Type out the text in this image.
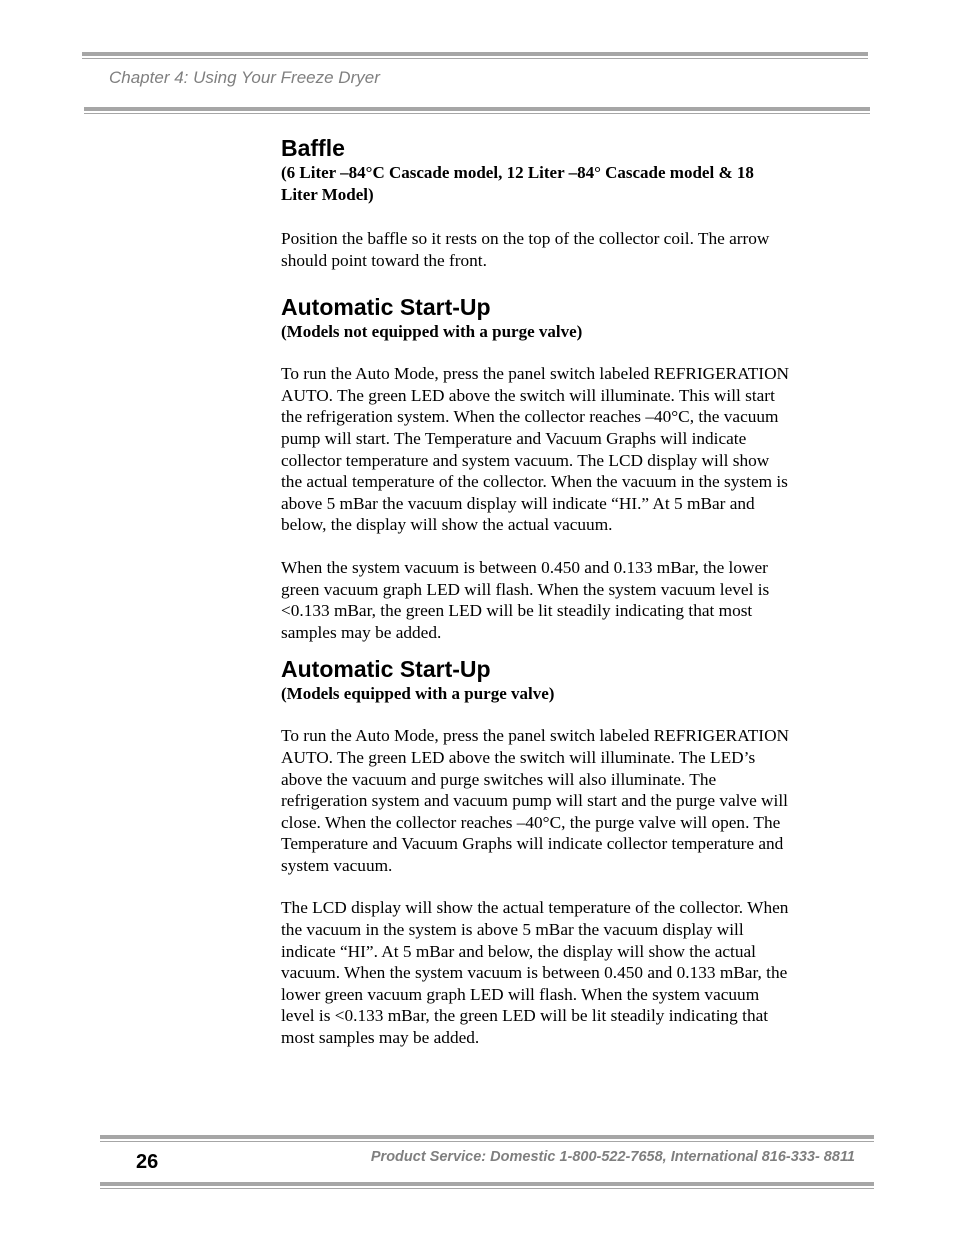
Chapter 4: Using Your Freeze Dryer
Baffle

(6 Liter –84°C Cascade model, 12 Liter –84° Cascade model & 18 Liter Model)

Position the baffle so it rests on the top of the collector coil. The arrow should point toward the front.

Automatic Start-Up

(Models not equipped with a purge valve)

To run the Auto Mode, press the panel switch labeled REFRIGERATION AUTO. The green LED above the switch will illuminate. This will start the refrigeration system. When the collector reaches –40°C, the vacuum pump will start. The Temperature and Vacuum Graphs will indicate collector temperature and system vacuum. The LCD display will show the actual temperature of the collector. When the vacuum in the system is above 5 mBar the vacuum display will indicate “HI.” At 5 mBar and below, the display will show the actual vacuum.

When the system vacuum is between 0.450 and 0.133 mBar, the lower green vacuum graph LED will flash. When the system vacuum level is <0.133 mBar, the green LED will be lit steadily indicating that most samples may be added.

Automatic Start-Up

(Models equipped with a purge valve)

To run the Auto Mode, press the panel switch labeled REFRIGERATION AUTO. The green LED above the switch will illuminate. The LED’s above the vacuum and purge switches will also illuminate. The refrigeration system and vacuum pump will start and the purge valve will close. When the collector reaches –40°C, the purge valve will open. The Temperature and Vacuum Graphs will indicate collector temperature and system vacuum.

The LCD display will show the actual temperature of the collector. When the vacuum in the system is above 5 mBar the vacuum display will indicate “HI”. At 5 mBar and below, the display will show the actual vacuum. When the system vacuum is between 0.450 and 0.133 mBar, the lower green vacuum graph LED will flash. When the system vacuum level is <0.133 mBar, the green LED will be lit steadily indicating that most samples may be added.

26	Product Service: Domestic 1-800-522-7658, International 816-333- 8811
